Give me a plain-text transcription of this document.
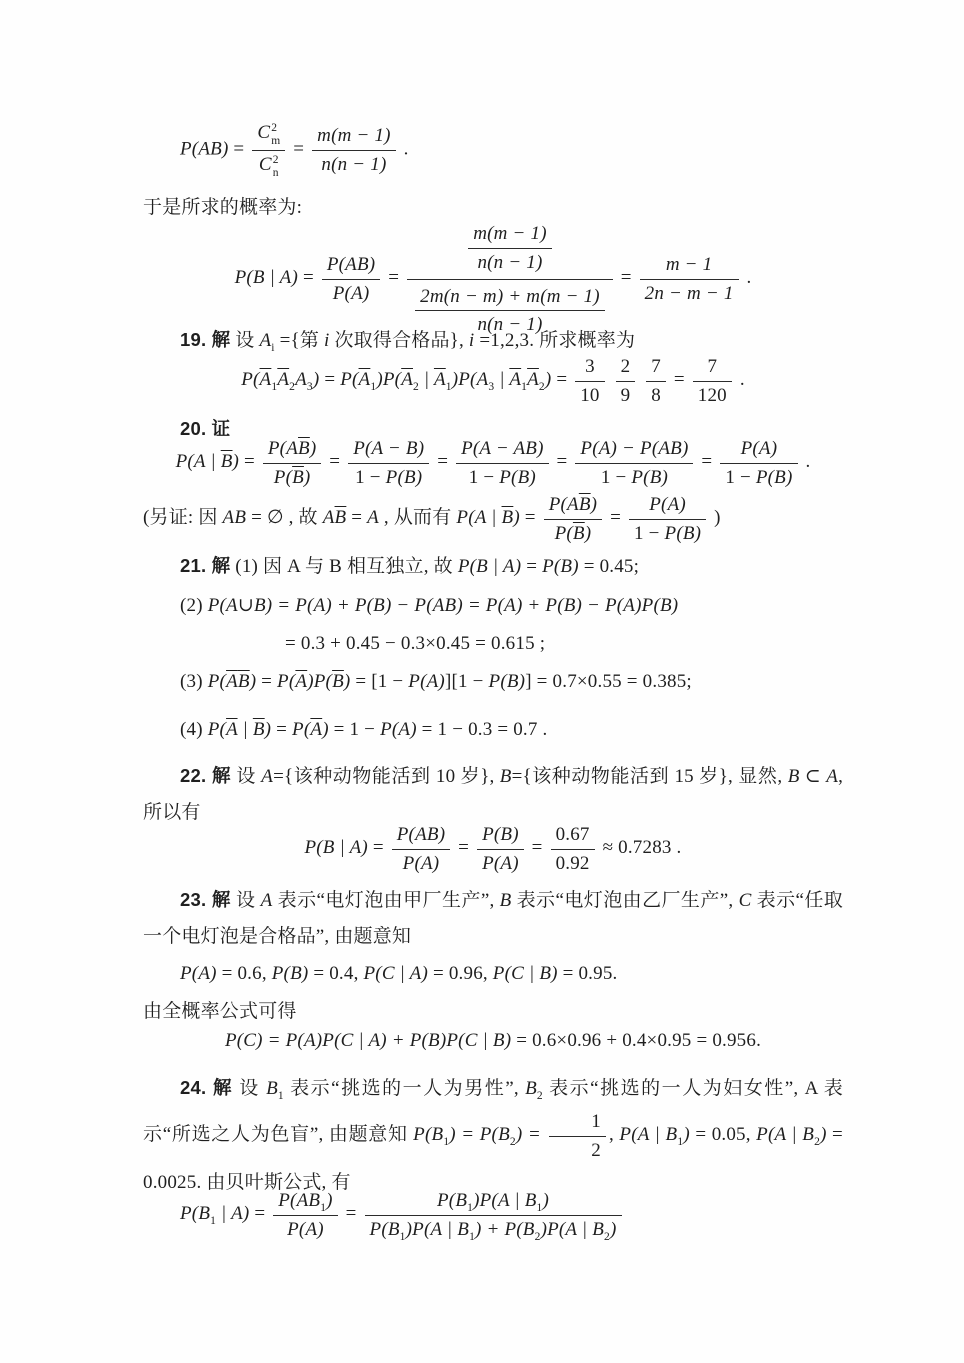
P(AB) = C 2
m
C 2
$n = \frac{m(m - 1)}{n(n - 1)}$ .
于是所求的概率为:
P(B | $A) = \frac{P(AB)}{P(A)} = \frac{\frac{m(m - 1)}{n(n - 1)}}{\frac{2m(n - m) + m(m - 1)}{n(n - 1)}} = \frac{m - 1}{2n - m - 1}$ .
19. 解 设 $A_i$ ={第 i 次取得合格品}, i =1,2,3. 所求概率为
$P(\overline{A}_1\overline{A}_2A_3) = P(\overline{A}_1)P(\overline{A}_2$ | $\overline{A}_1)P(A_3$ | $\overline{A}_1\overline{A}_2) = \frac{3}{10}$
$\frac{2}{9}$
$\frac{7}{8} = \frac{7}{120}$ .
20. 证
P(A | $\overline{B}) = \frac{P(A\overline{B})}{P(\overline{B})} = \frac{P(A - B)}{1 - P(B)} = \frac{P(A - AB)}{1 - P(B)} = \frac{P(A) - P(AB)}{1 - P(B)} = \frac{P(A)}{1 - P(B)}$ .
(另证: 因 AB = ∅ , 故 $A\overline{B} = A$ , 从而有 P(A | $\overline{B}) = \frac{P(A\overline{B})}{P(\overline{B})} = \frac{P(A)}{1 - P(B)}$ )
21. 解 (1) 因 A 与 B 相互独立, 故 P(B | A) = P(B) = 0.45;
(2) P(A∪B) = P(A) + P(B) − P(AB) = P(A) + P(B) − P(A)P(B)
= 0.3 + 0.45 − 0.3×0.45 = 0.615 ;
(3) $P(\overline{A}\overline{B}) = P(\overline{A})P(\overline{B}) = [1 - P(A)][1 - P(B)] = 0.7\times 0.55 = 0.385$;
(4) $P(\overline{A}$ | $\overline{B}) = P(\overline{A}) = 1 - P(A) = 1 - 0.3 = 0.7$ .
22. 解 设 A={该种动物能活到 10 岁}, B={该种动物能活到 15 岁}, 显然, B ⊂ A, 所以有
P(B | $A) = \frac{P(AB)}{P(A)} = \frac{P(B)}{P(A)} = \frac{0.67}{0.92} \approx 0.7283$ .
23. 解 设 A 表示“电灯泡由甲厂生产”, B 表示“电灯泡由乙厂生产”, C 表示“任取一个电灯泡是合格品”, 由题意知
P(A) = 0.6, P(B) = 0.4, P(C | A) = 0.96, P(C | B) = 0.95.
由全概率公式可得
P(C) = P(A)P(C | A) + P(B)P(C | B) = 0.6×0.96 + 0.4×0.95 = 0.956.
24. 解 设 $B_1$ 表示“挑选的一人为男性”, $B_2$ 表示“挑选的一人为妇女性”, A 表示“所选之人为色盲”, 由题意知 $P(B_1) = P(B_2) = \frac{1}{2}$ , P(A | $B_1) = 0.05$, P(A | $B_2) = 0.0025$. 由贝叶斯公式, 有
$P(B_1$ | $A) = \frac{P(AB_1)}{P(A)} = \frac{P(B_1)P(A | B_1)}{P(B_1)P(A | B_1) + P(B_2)P(A | B_2)}$
